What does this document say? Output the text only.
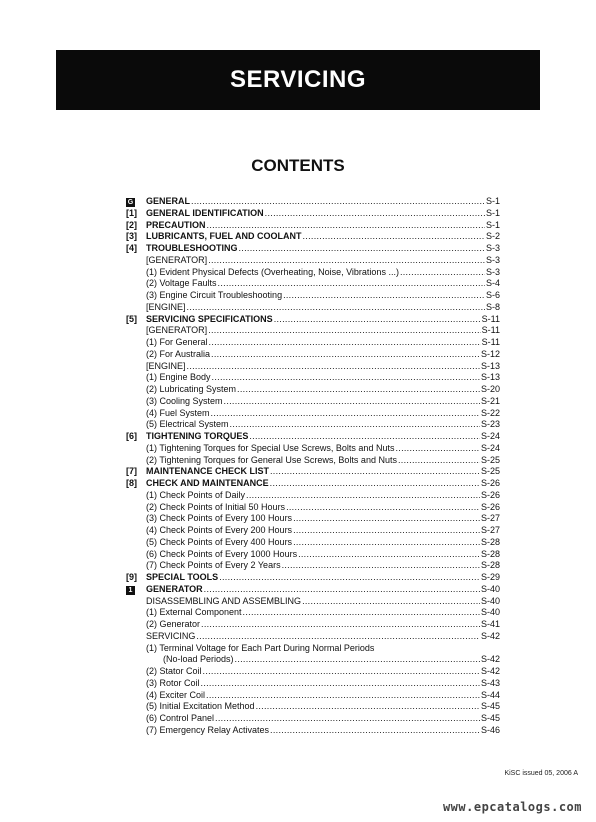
SERVICING
CONTENTS
G GENERAL .....	S-1
[1]	GENERAL IDENTIFICATION .....	S-1
[2]	PRECAUTION .....	S-1
[3]	LUBRICANTS, FUEL AND COOLANT .....	S-2
[4]	TROUBLESHOOTING .....	S-3
[GENERATOR] .....	S-3
(1) Evident Physical Defects (Overheating, Noise, Vibrations ...) .....	S-3
(2) Voltage Faults .....	S-4
(3) Engine Circuit Troubleshooting .....	S-6
[ENGINE] .....	S-8
[5]	SERVICING SPECIFICATIONS .....	S-11
[GENERATOR] .....	S-11
(1) For General .....	S-11
(2) For Australia .....	S-12
[ENGINE] .....	S-13
(1) Engine Body .....	S-13
(2) Lubricating System .....	S-20
(3) Cooling System .....	S-21
(4) Fuel System .....	S-22
(5) Electrical System .....	S-23
[6]	TIGHTENING TORQUES .....	S-24
(1) Tightening Torques for Special Use Screws, Bolts and Nuts .....	S-24
(2) Tightening Torques for General Use Screws, Bolts and Nuts .....	S-25
[7]	MAINTENANCE CHECK LIST .....	S-25
[8]	CHECK AND MAINTENANCE .....	S-26
(1) Check Points of Daily .....	S-26
(2) Check Points of Initial 50 Hours .....	S-26
(3) Check Points of Every 100 Hours .....	S-27
(4) Check Points of Every 200 Hours .....	S-27
(5) Check Points of Every 400 Hours .....	S-28
(6) Check Points of Every 1000 Hours .....	S-28
(7) Check Points of Every 2 Years .....	S-28
[9]	SPECIAL TOOLS .....	S-29
1 GENERATOR .....	S-40
DISASSEMBLING AND ASSEMBLING .....	S-40
(1) External Component .....	S-40
(2) Generator .....	S-41
SERVICING .....	S-42
(1) Terminal Voltage for Each Part During Normal Periods
(No-load Periods) .....	S-42
(2) Stator Coil .....	S-42
(3) Rotor Coil .....	S-43
(4) Exciter Coil .....	S-44
(5) Initial Excitation Method .....	S-45
(6) Control Panel .....	S-45
(7) Emergency Relay Activates .....	S-46
KiSC issued 05, 2006 A
www.epcatalogs.com
